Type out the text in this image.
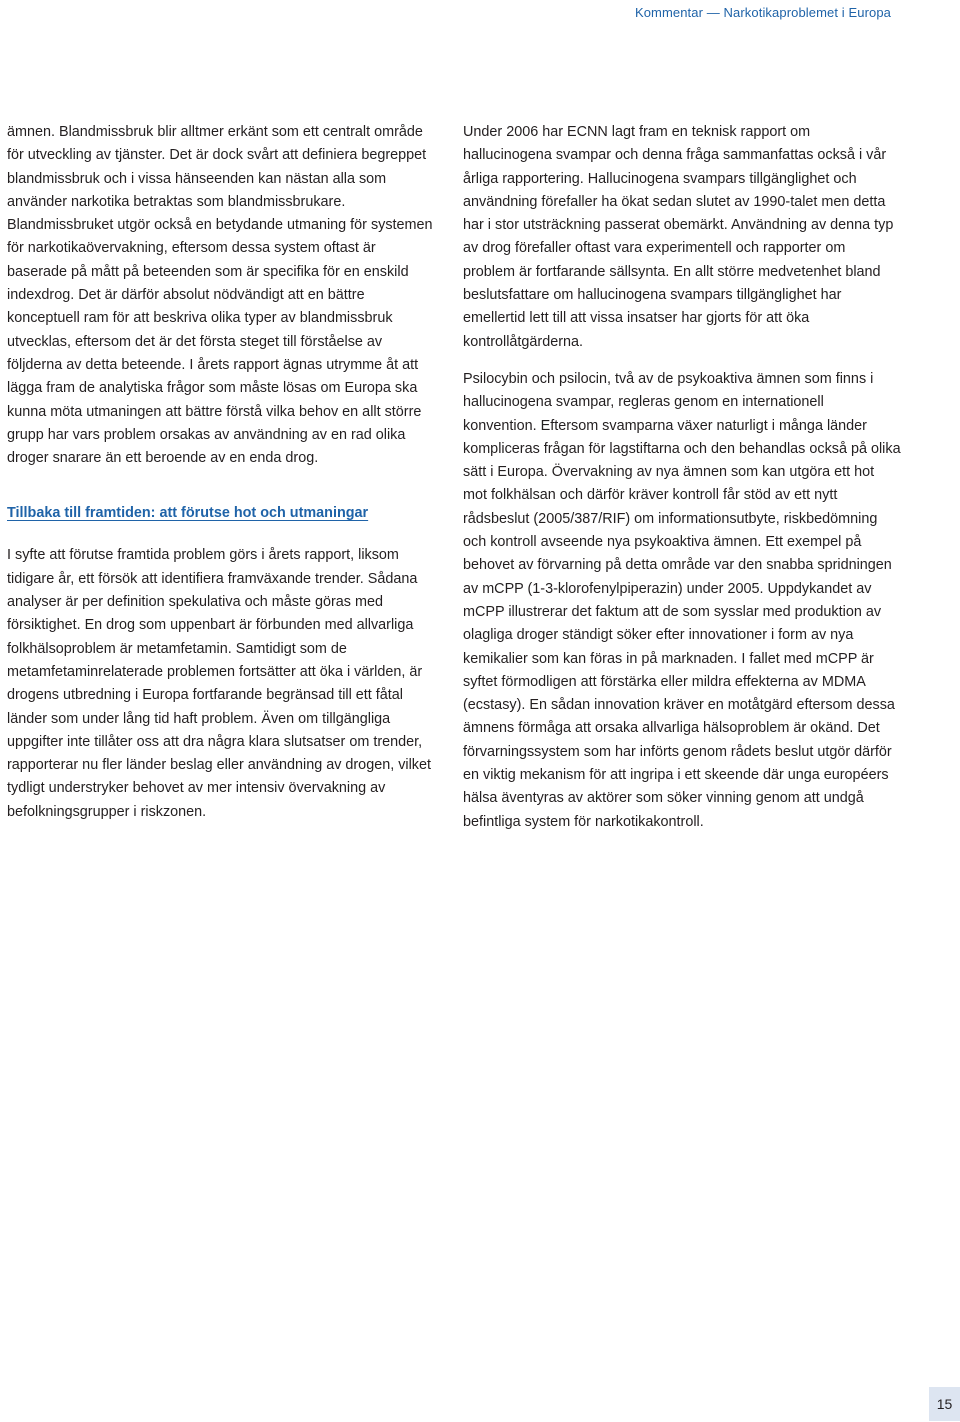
Kommentar — Narkotikaproblemet i Europa

ämnen. Blandmissbruk blir alltmer erkänt som ett centralt område för utveckling av tjänster. Det är dock svårt att definiera begreppet blandmissbruk och i vissa hänseenden kan nästan alla som använder narkotika betraktas som blandmissbrukare. Blandmissbruket utgör också en betydande utmaning för systemen för narkotikaövervakning, eftersom dessa system oftast är baserade på mått på beteenden som är specifika för en enskild indexdrog. Det är därför absolut nödvändigt att en bättre konceptuell ram för att beskriva olika typer av blandmissbruk utvecklas, eftersom det är det första steget till förståelse av följderna av detta beteende. I årets rapport ägnas utrymme åt att lägga fram de analytiska frågor som måste lösas om Europa ska kunna möta utmaningen att bättre förstå vilka behov en allt större grupp har vars problem orsakas av användning av en rad olika droger snarare än ett beroende av en enda drog.

Tillbaka till framtiden: att förutse hot och utmaningar

I syfte att förutse framtida problem görs i årets rapport, liksom tidigare år, ett försök att identifiera framväxande trender. Sådana analyser är per definition spekulativa och måste göras med försiktighet. En drog som uppenbart är förbunden med allvarliga folkhälsoproblem är metamfetamin. Samtidigt som de metamfetaminrelaterade problemen fortsätter att öka i världen, är drogens utbredning i Europa fortfarande begränsad till ett fåtal länder som under lång tid haft problem. Även om tillgängliga uppgifter inte tillåter oss att dra några klara slutsatser om trender, rapporterar nu fler länder beslag eller användning av drogen, vilket tydligt understryker behovet av mer intensiv övervakning av befolkningsgrupper i riskzonen.

Under 2006 har ECNN lagt fram en teknisk rapport om hallucinogena svampar och denna fråga sammanfattas också i vår årliga rapportering. Hallucinogena svampars tillgänglighet och användning förefaller ha ökat sedan slutet av 1990-talet men detta har i stor utsträckning passerat obemärkt. Användning av denna typ av drog förefaller oftast vara experimentell och rapporter om problem är fortfarande sällsynta. En allt större medvetenhet bland beslutsfattare om hallucinogena svampars tillgänglighet har emellertid lett till att vissa insatser har gjorts för att öka kontrollåtgärderna.

Psilocybin och psilocin, två av de psykoaktiva ämnen som finns i hallucinogena svampar, regleras genom en internationell konvention. Eftersom svamparna växer naturligt i många länder kompliceras frågan för lagstiftarna och den behandlas också på olika sätt i Europa. Övervakning av nya ämnen som kan utgöra ett hot mot folkhälsan och därför kräver kontroll får stöd av ett nytt rådsbeslut (2005/387/RIF) om informationsutbyte, riskbedömning och kontroll avseende nya psykoaktiva ämnen. Ett exempel på behovet av förvarning på detta område var den snabba spridningen av mCPP (1-3-klorofenylpiperazin) under 2005. Uppdykandet av mCPP illustrerar det faktum att de som sysslar med produktion av olagliga droger ständigt söker efter innovationer i form av nya kemikalier som kan föras in på marknaden. I fallet med mCPP är syftet förmodligen att förstärka eller mildra effekterna av MDMA (ecstasy). En sådan innovation kräver en motåtgärd eftersom dessa ämnens förmåga att orsaka allvarliga hälsoproblem är okänd. Det förvarningssystem som har införts genom rådets beslut utgör därför en viktig mekanism för att ingripa i ett skeende där unga européers hälsa äventyras av aktörer som söker vinning genom att undgå befintliga system för narkotikakontroll.

15
